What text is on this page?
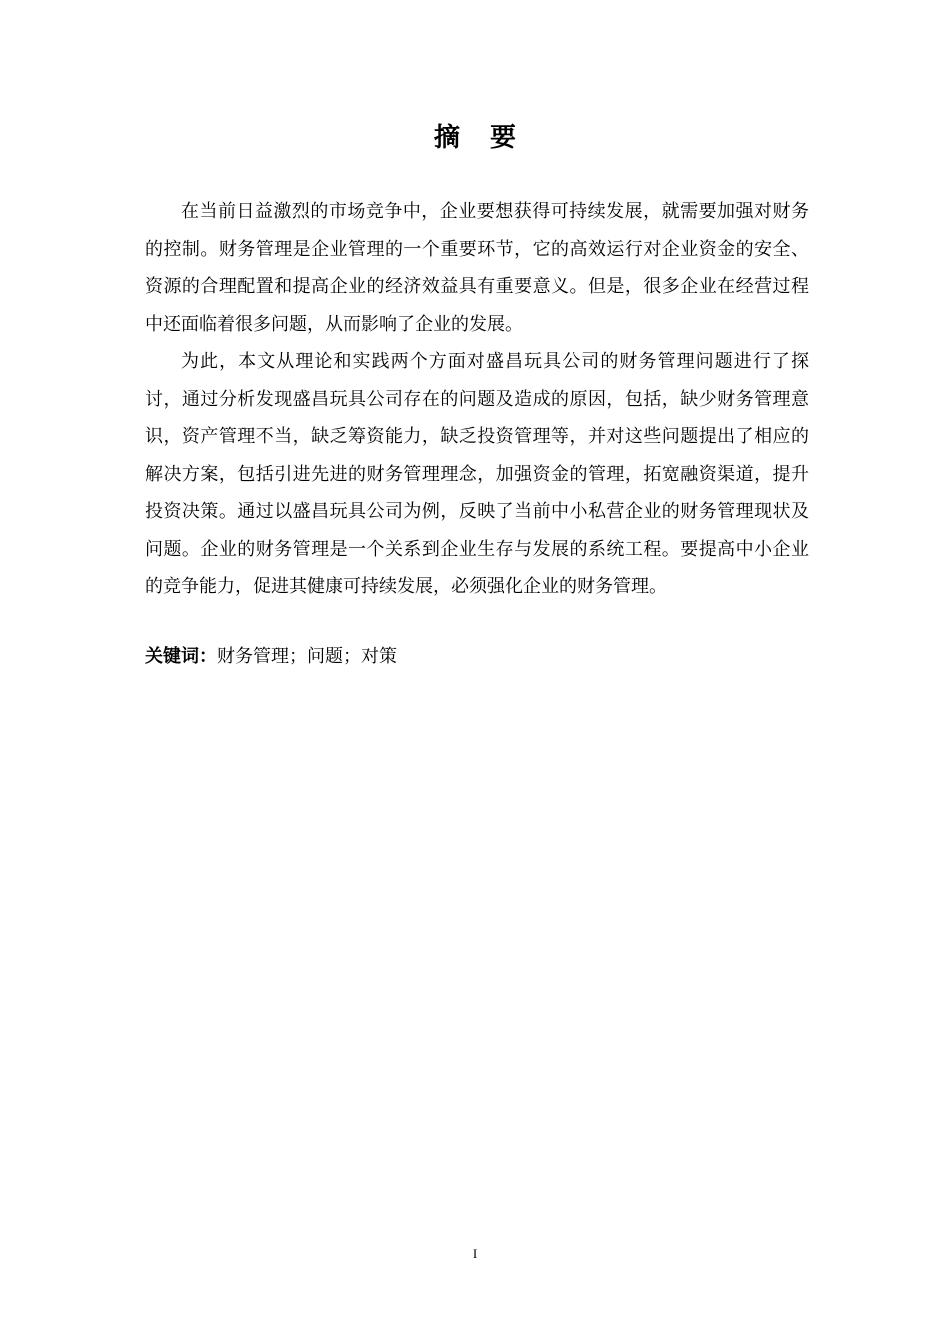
摘要

在当前日益激烈的市场竞争中，企业要想获得可持续发展，就需要加强对财务的控制。财务管理是企业管理的一个重要环节，它的高效运行对企业资金的安全、资源的合理配置和提高企业的经济效益具有重要意义。但是，很多企业在经营过程中还面临着很多问题，从而影响了企业的发展。

为此，本文从理论和实践两个方面对盛昌玩具公司的财务管理问题进行了探讨，通过分析发现盛昌玩具公司存在的问题及造成的原因，包括，缺少财务管理意识，资产管理不当，缺乏筹资能力，缺乏投资管理等，并对这些问题提出了相应的解决方案，包括引进先进的财务管理理念，加强资金的管理，拓宽融资渠道，提升投资决策。通过以盛昌玩具公司为例，反映了当前中小私营企业的财务管理现状及问题。企业的财务管理是一个关系到企业生存与发展的系统工程。要提高中小企业的竞争能力，促进其健康可持续发展，必须强化企业的财务管理。

关键词：财务管理；问题；对策
I
